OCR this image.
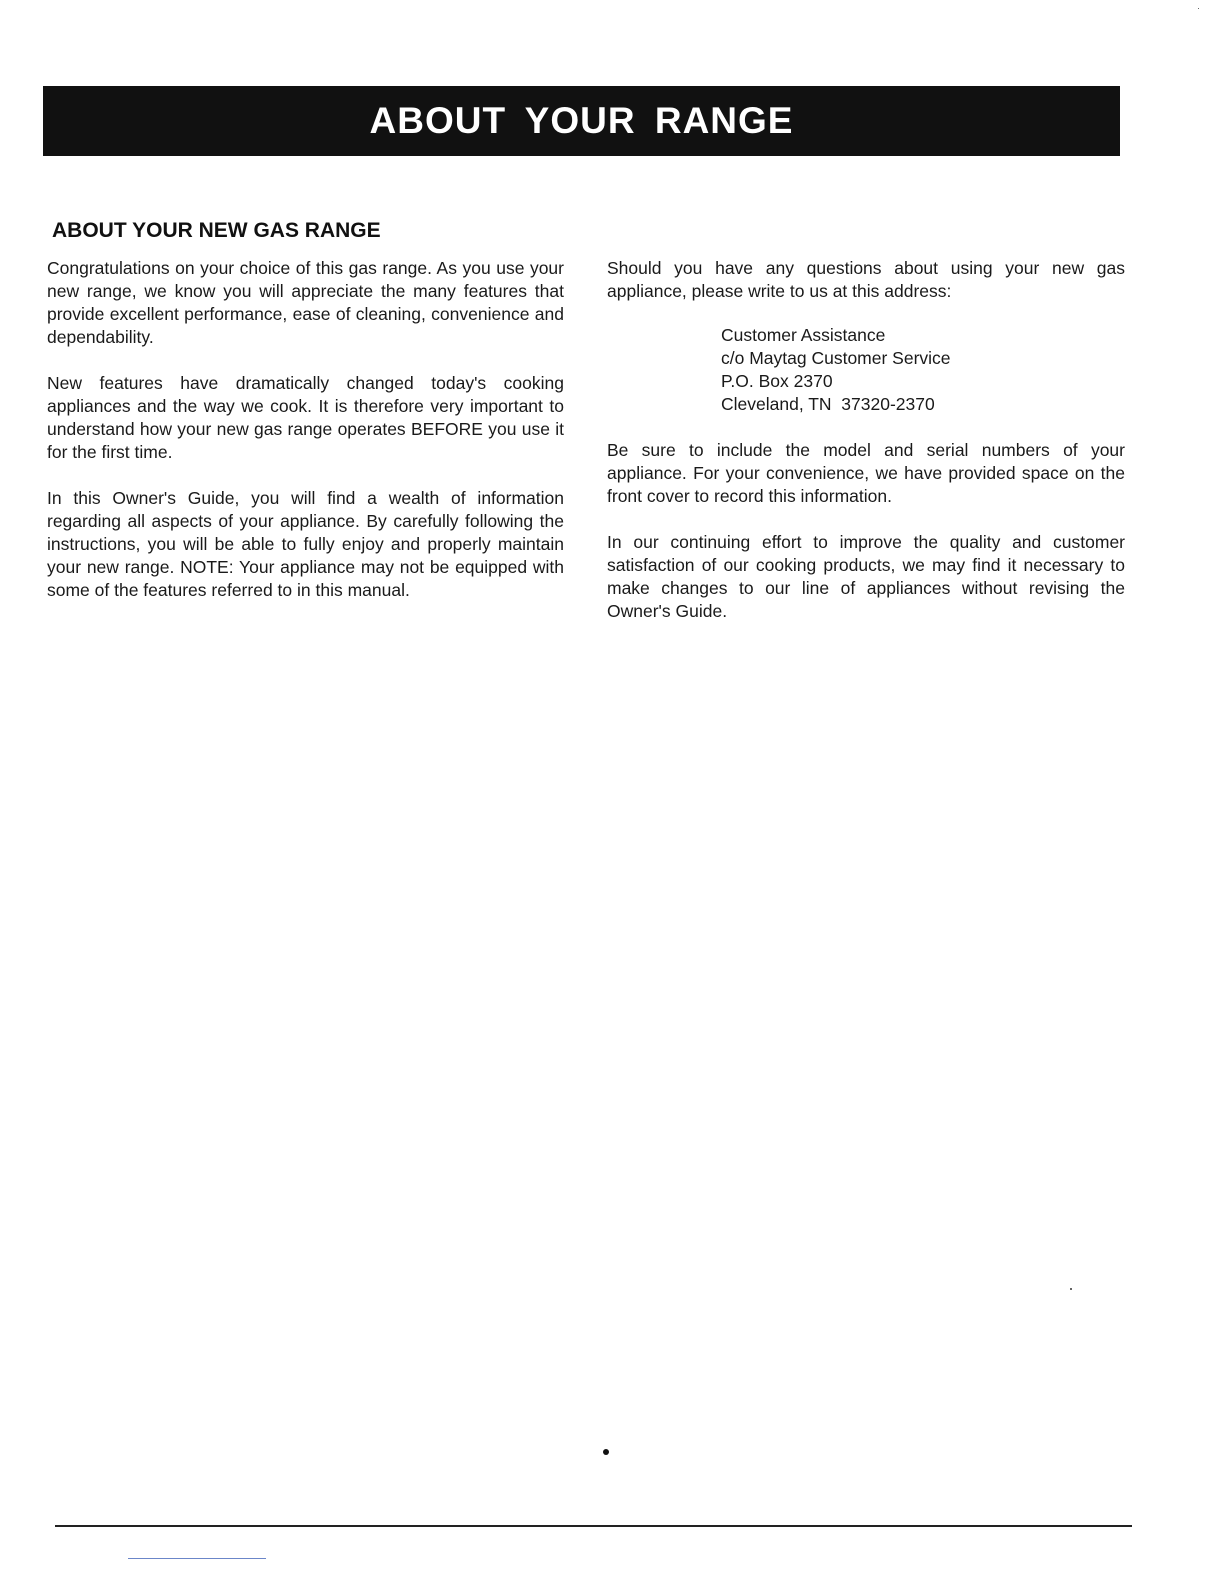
ABOUT YOUR RANGE
ABOUT YOUR NEW GAS RANGE

Congratulations on your choice of this gas range. As you use your new range, we know you will appreciate the many features that provide excellent performance, ease of cleaning, convenience and dependability.

New features have dramatically changed today's cooking appliances and the way we cook. It is therefore very important to understand how your new gas range operates BEFORE you use it for the first time.

In this Owner's Guide, you will find a wealth of information regarding all aspects of your appliance. By carefully following the instructions, you will be able to fully enjoy and properly maintain your new range. NOTE: Your appliance may not be equipped with some of the features referred to in this manual.

Should you have any questions about using your new gas appliance, please write to us at this address:

Customer Assistance
c/o Maytag Customer Service
P.O. Box 2370
Cleveland, TN  37320-2370

Be sure to include the model and serial numbers of your appliance. For your convenience, we have provided space on the front cover to record this information.

In our continuing effort to improve the quality and customer satisfaction of our cooking products, we may find it necessary to make changes to our line of appliances without revising the Owner's Guide.
